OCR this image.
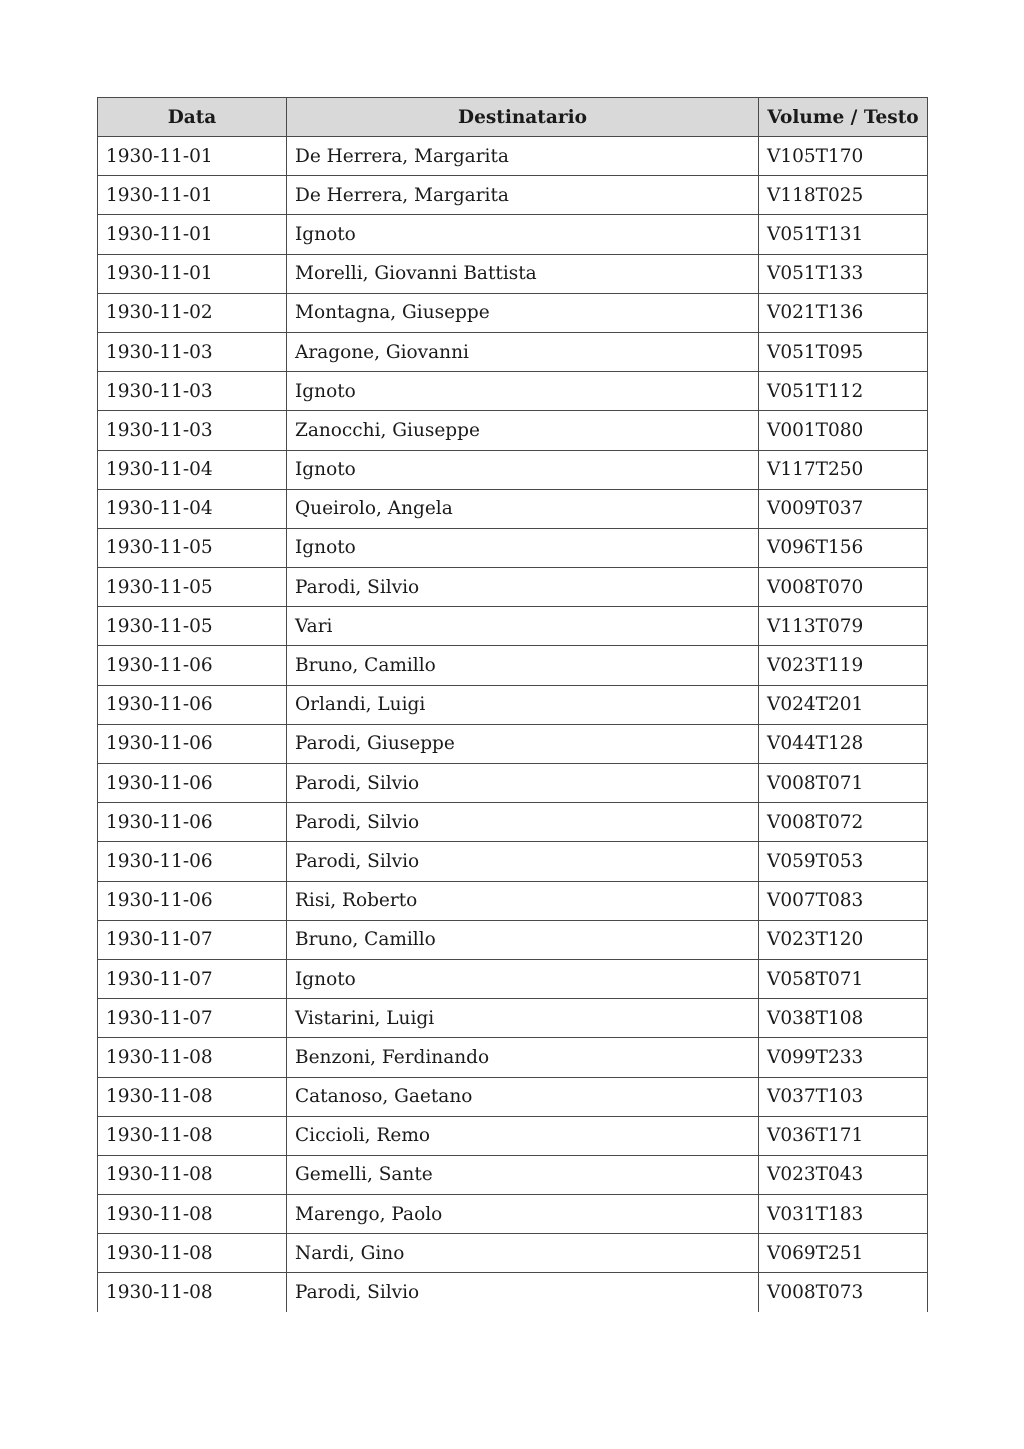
Data	Destinatario	Volume / Testo
1930-11-01	De Herrera, Margarita	V105T170
1930-11-01	De Herrera, Margarita	V118T025
1930-11-01	Ignoto	V051T131
1930-11-01	Morelli, Giovanni Battista	V051T133
1930-11-02	Montagna, Giuseppe	V021T136
1930-11-03	Aragone, Giovanni	V051T095
1930-11-03	Ignoto	V051T112
1930-11-03	Zanocchi, Giuseppe	V001T080
1930-11-04	Ignoto	V117T250
1930-11-04	Queirolo, Angela	V009T037
1930-11-05	Ignoto	V096T156
1930-11-05	Parodi, Silvio	V008T070
1930-11-05	Vari	V113T079
1930-11-06	Bruno, Camillo	V023T119
1930-11-06	Orlandi, Luigi	V024T201
1930-11-06	Parodi, Giuseppe	V044T128
1930-11-06	Parodi, Silvio	V008T071
1930-11-06	Parodi, Silvio	V008T072
1930-11-06	Parodi, Silvio	V059T053
1930-11-06	Risi, Roberto	V007T083
1930-11-07	Bruno, Camillo	V023T120
1930-11-07	Ignoto	V058T071
1930-11-07	Vistarini, Luigi	V038T108
1930-11-08	Benzoni, Ferdinando	V099T233
1930-11-08	Catanoso, Gaetano	V037T103
1930-11-08	Ciccioli, Remo	V036T171
1930-11-08	Gemelli, Sante	V023T043
1930-11-08	Marengo, Paolo	V031T183
1930-11-08	Nardi, Gino	V069T251
1930-11-08	Parodi, Silvio	V008T073
